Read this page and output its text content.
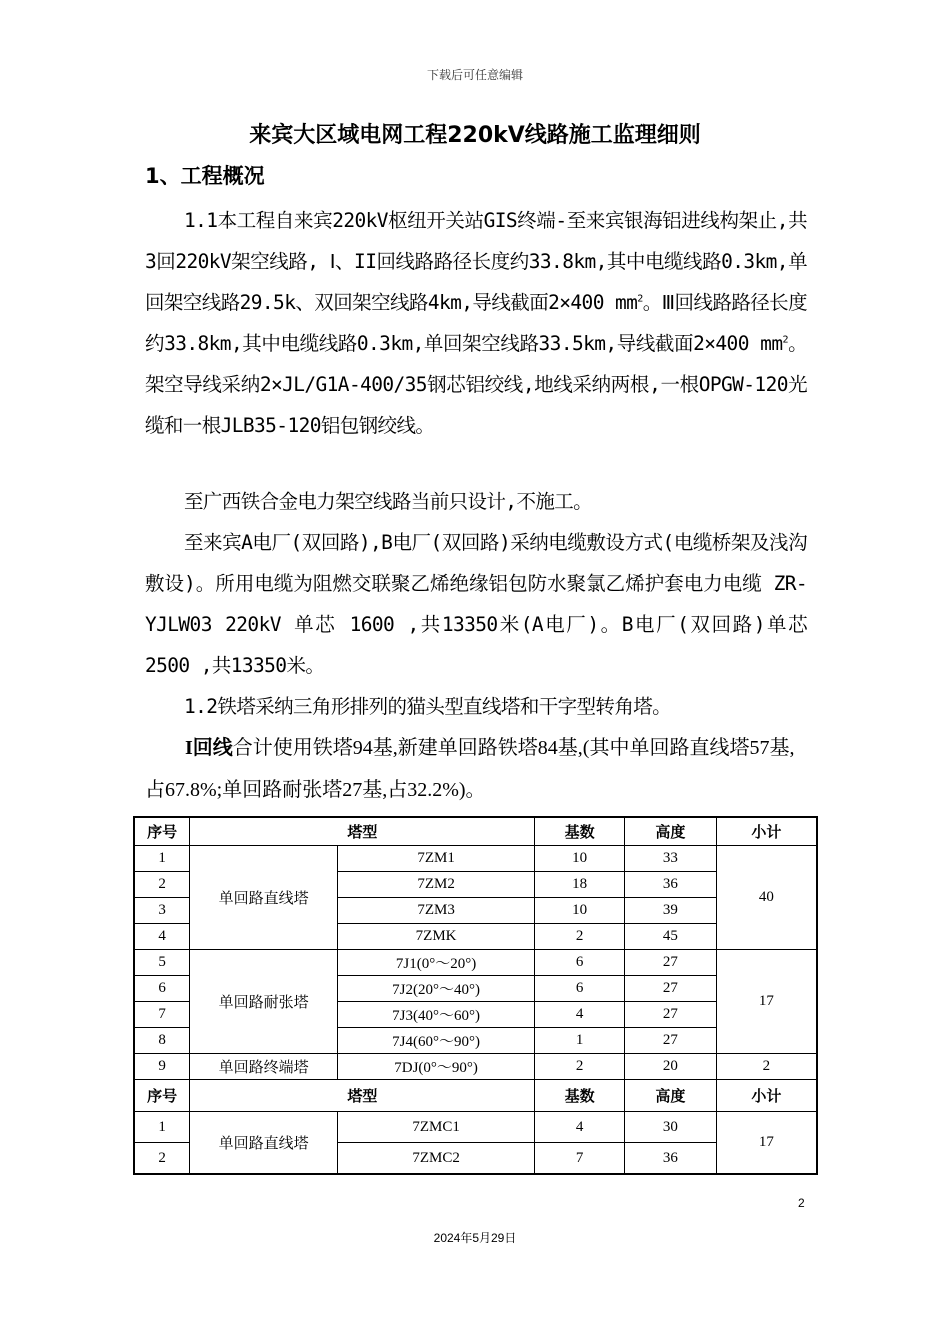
下载后可任意编辑
来宾大区域电网工程220kV线路施工监理细则
1、工程概况

1.1本工程自来宾220kV枢纽开关站GIS终端-至来宾银海铝进线构架止,共3回220kV架空线路, Ⅰ、II回线路路径长度约33.8km,其中电缆线路0.3km,单回架空线路29.5k、双回架空线路4km,导线截面2×400 $mm^2$。Ⅲ回线路路径长度约33.8km,其中电缆线路0.3km,单回架空线路33.5km,导线截面2×400 $mm^2$。架空导线采纳2×JL/G1A-400/35钢芯铝绞线,地线采纳两根,一根OPGW-120光缆和一根JLB35-120铝包钢绞线。

至广西铁合金电力架空线路当前只设计,不施工。

至来宾A电厂(双回路),B电厂(双回路)采纳电缆敷设方式(电缆桥架及浅沟敷设)。所用电缆为阻燃交联聚乙烯绝缘铝包防水聚氯乙烯护套电力电缆 ZR-YJLW03 220kV 单芯 1600 ,共13350米(A电厂)。B电厂(双回路)单芯 2500 ,共13350米。

1.2铁塔采纳三角形排列的猫头型直线塔和干字型转角塔。

I回线合计使用铁塔94基,新建单回路铁塔84基,(其中单回路直线塔57基,占67.8%;单回路耐张塔27基,占32.2%)。

序号	塔型		基数	高度	小计
1	单回路直线塔	7ZM1	10	33	40
2		7ZM2	18	36	
3		7ZM3	10	39	
4		7ZMK	2	45	
5	单回路耐张塔	7J1(0°～20°)	6	27	17
6		7J2(20°～40°)	6	27	
7		7J3(40°～60°)	4	27	
8		7J4(60°～90°)	1	27	
9	单回路终端塔	7DJ(0°～90°)	2	20	2
序号	塔型		基数	高度	小计
1	单回路直线塔	7ZMC1	4	30	17
2		7ZMC2	7	36	
2
2024年5月29日
